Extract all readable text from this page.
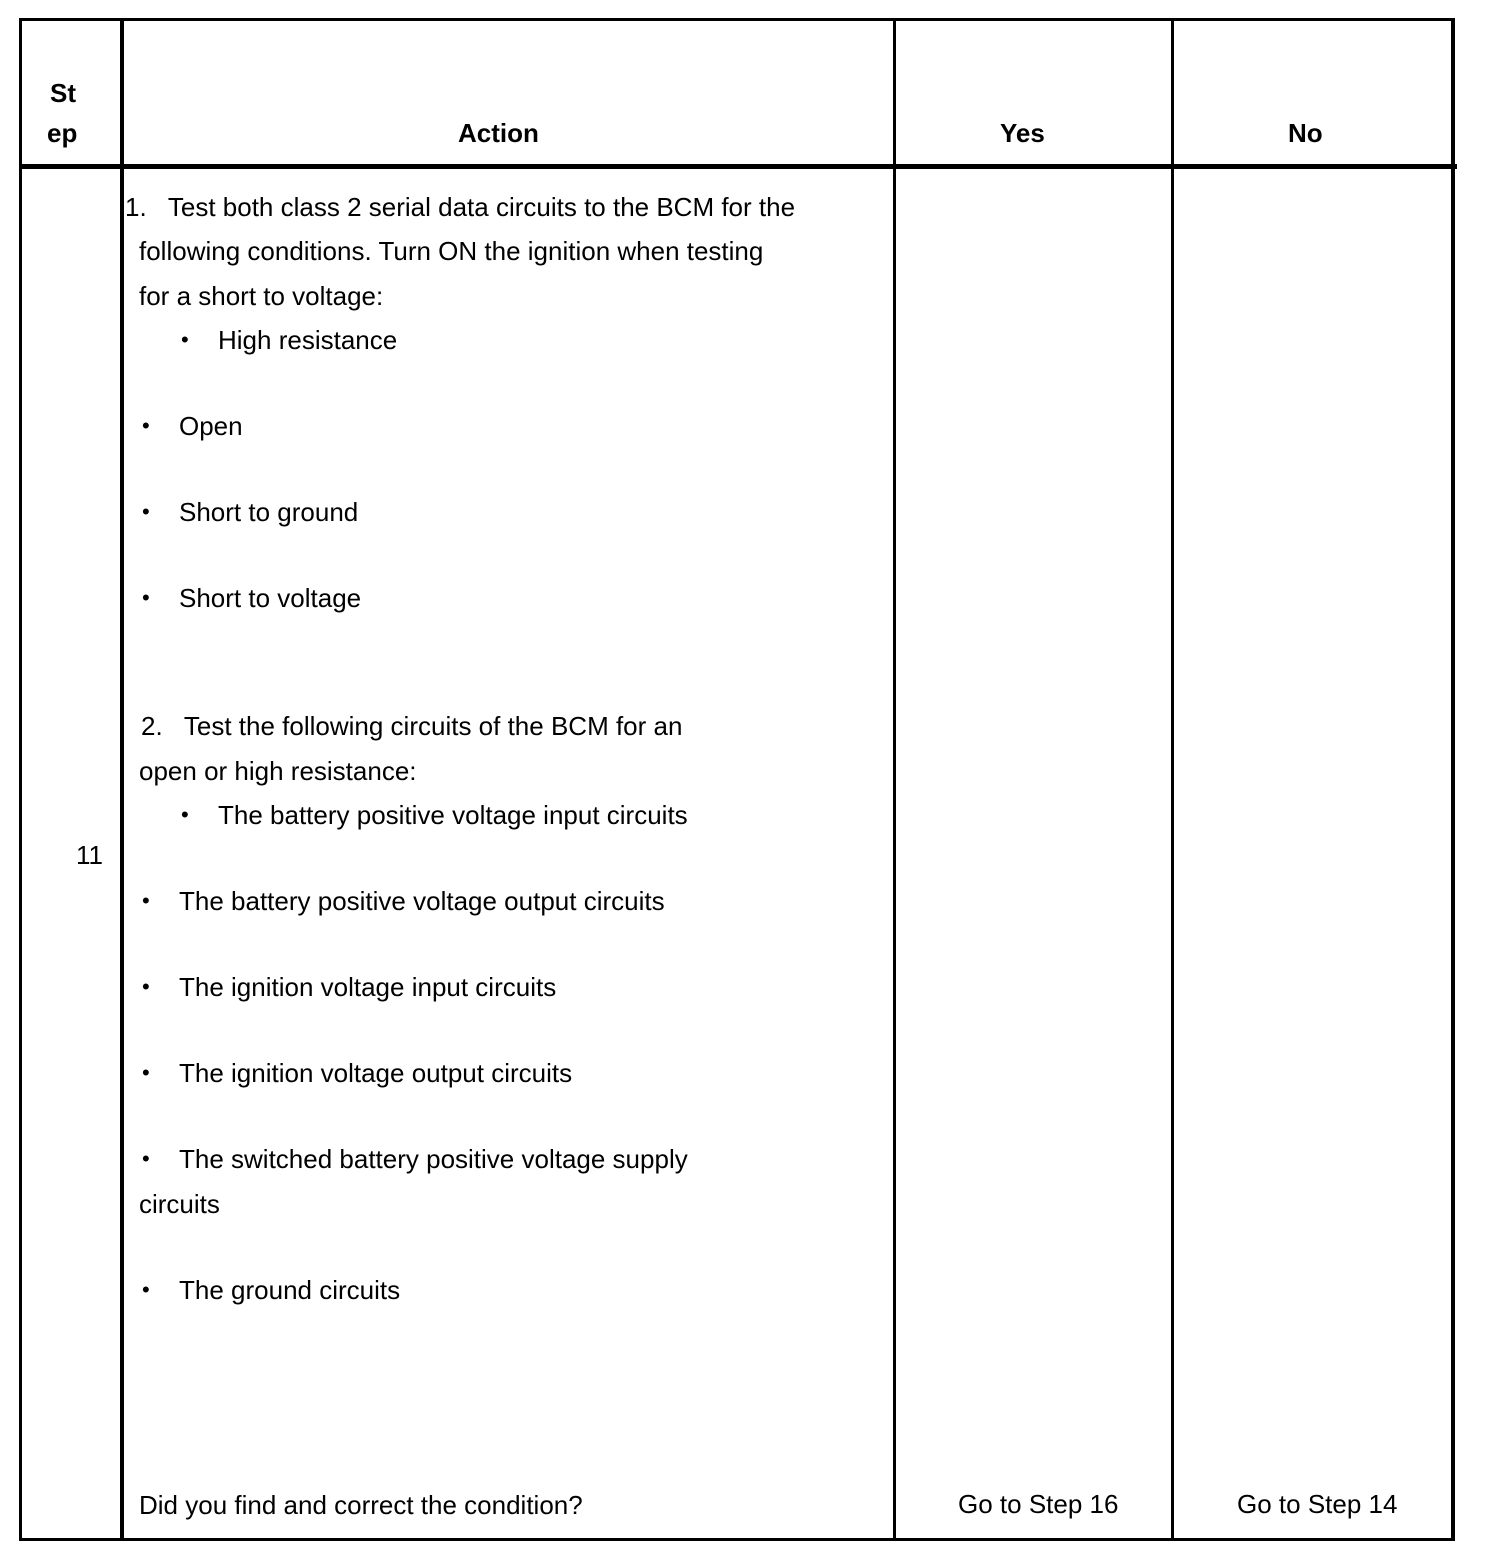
St
ep	Action	Yes	No
11
1.   Test both class 2 serial data circuits to the BCM for the
following conditions. Turn ON the ignition when testing
for a short to voltage:
• High resistance
• Open
• Short to ground
• Short to voltage
2.   Test the following circuits of the BCM for an
open or high resistance:
• The battery positive voltage input circuits
• The battery positive voltage output circuits
• The ignition voltage input circuits
• The ignition voltage output circuits
• The switched battery positive voltage supply
circuits
• The ground circuits
Did you find and correct the condition?	Go to Step 16	Go to Step 14
